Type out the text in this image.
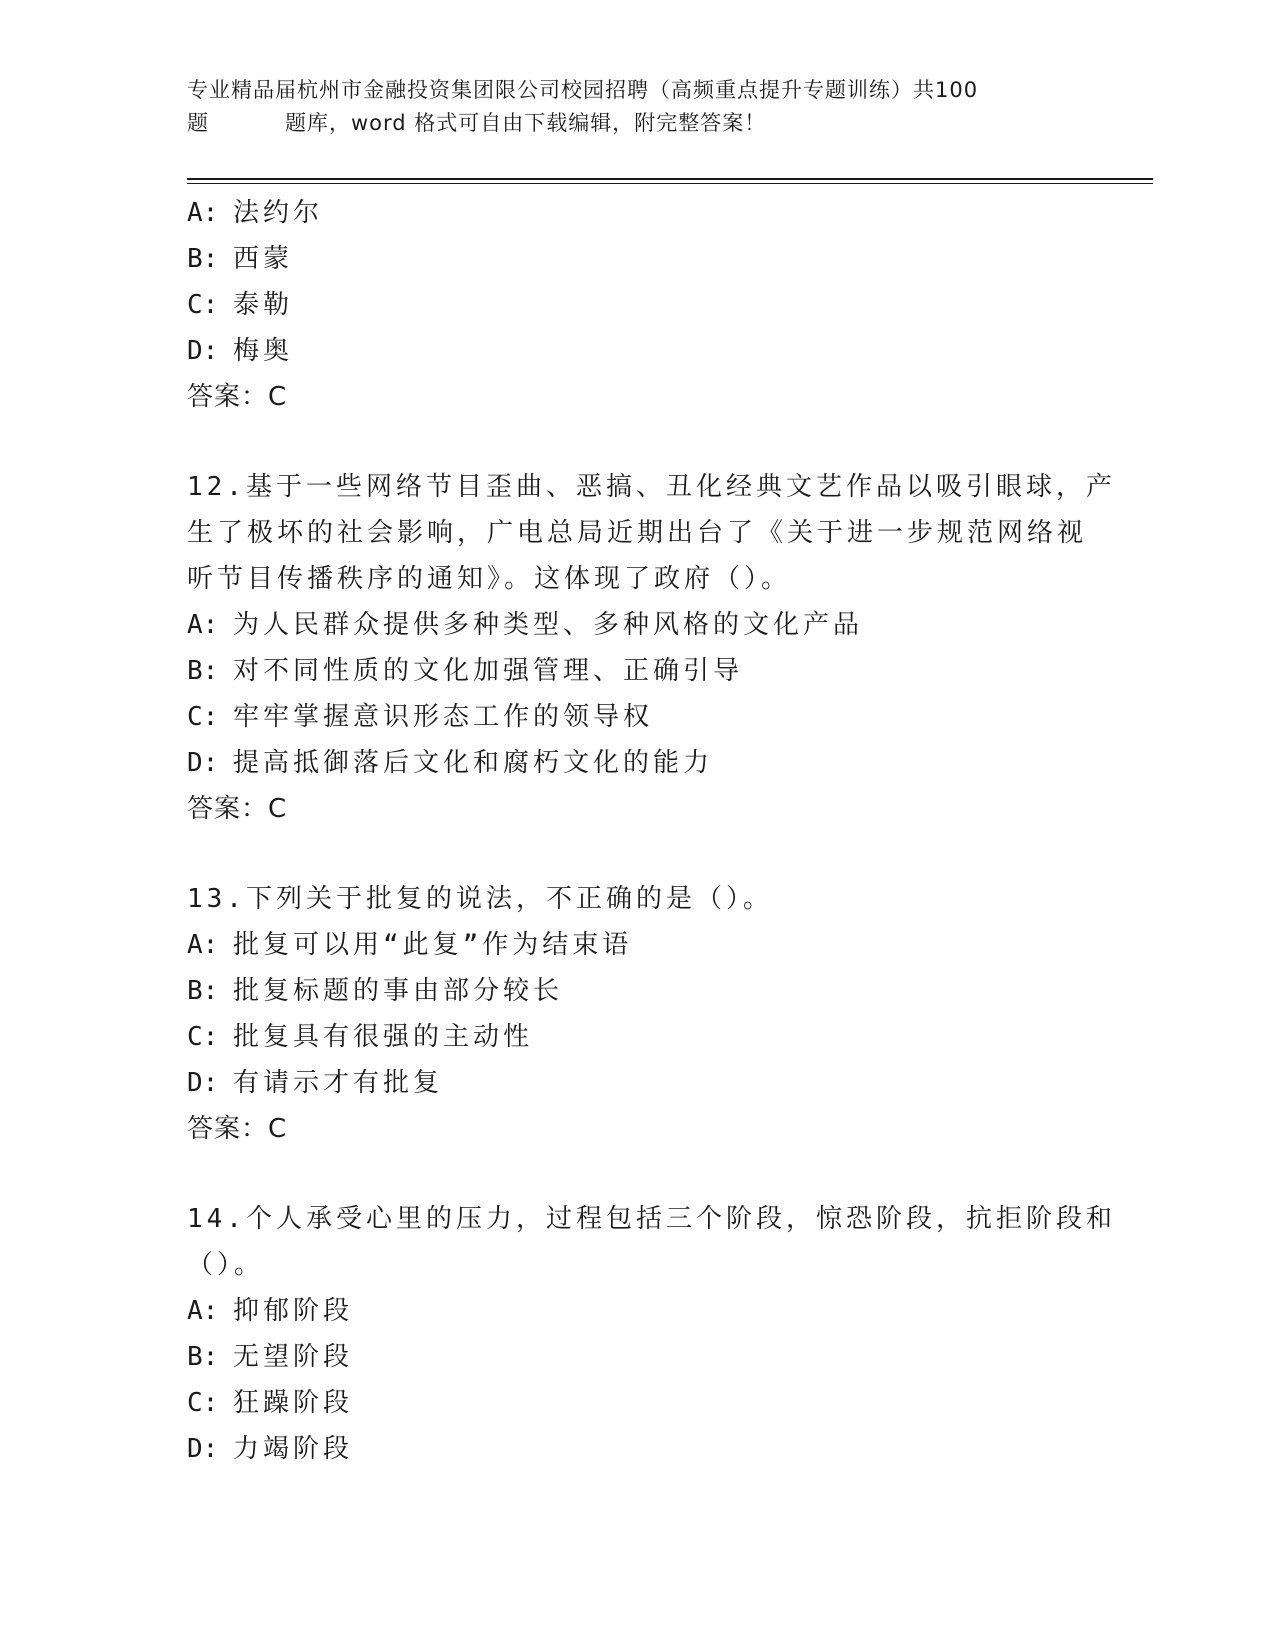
专业精品届杭州市金融投资集团限公司校园招聘（高频重点提升专题训练）共100
题	题库，word 格式可自由下载编辑，附完整答案！
A: 法约尔
B: 西蒙
C: 泰勒
D: 梅奥
答案：C
12.基于一些网络节目歪曲、恶搞、丑化经典文艺作品以吸引眼球，产
生了极坏的社会影响，广电总局近期出台了《关于进一步规范网络视
听节目传播秩序的通知》。这体现了政府（）。
A: 为人民群众提供多种类型、多种风格的文化产品
B: 对不同性质的文化加强管理、正确引导
C: 牢牢掌握意识形态工作的领导权
D: 提高抵御落后文化和腐朽文化的能力
答案：C
13.下列关于批复的说法，不正确的是（）。
A: 批复可以用“此复”作为结束语
B: 批复标题的事由部分较长
C: 批复具有很强的主动性
D: 有请示才有批复
答案：C
14.个人承受心里的压力，过程包括三个阶段，惊恐阶段，抗拒阶段和
（）。
A: 抑郁阶段
B: 无望阶段
C: 狂躁阶段
D: 力竭阶段
